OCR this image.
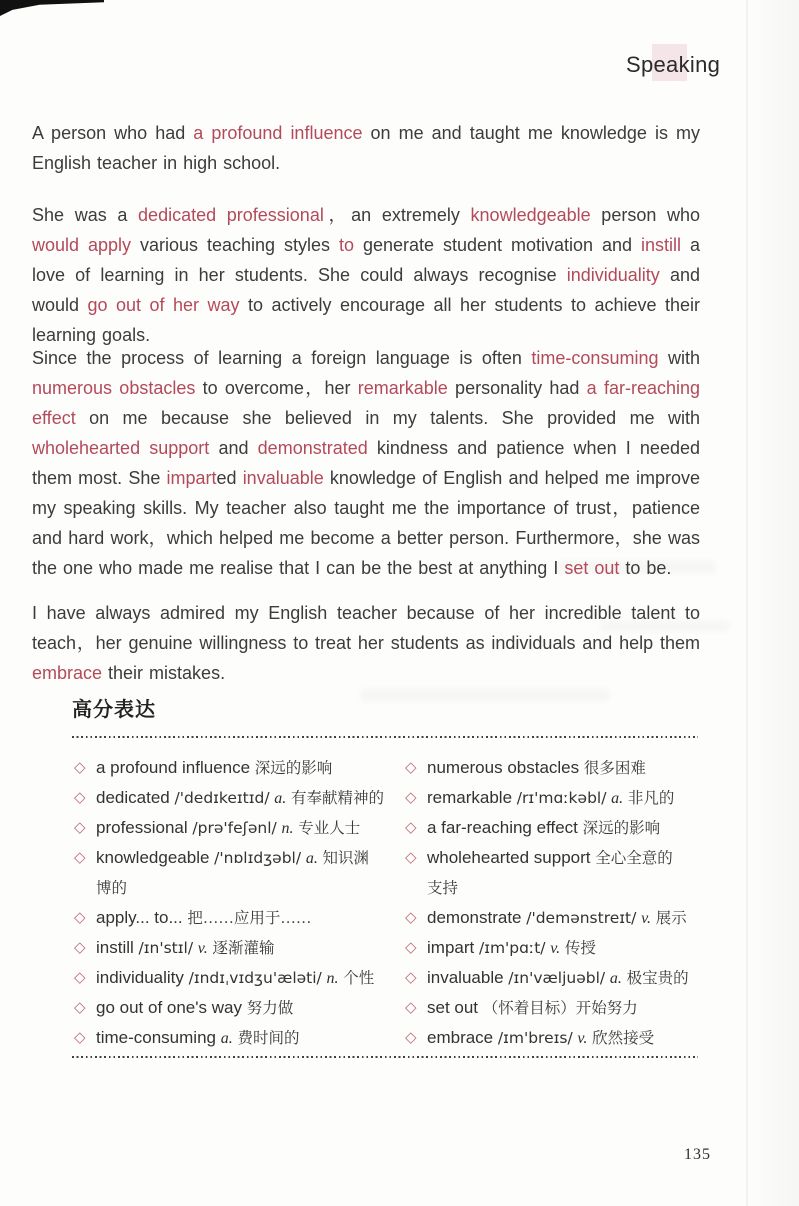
Speaking

A person who had a profound influence on me and taught me knowledge is my English teacher in high school.

She was a dedicated professional，an extremely knowledgeable person who would apply various teaching styles to generate student motivation and instill a love of learning in her students. She could always recognise individuality and would go out of her way to actively encourage all her students to achieve their learning goals.

Since the process of learning a foreign language is often time-consuming with numerous obstacles to overcome，her remarkable personality had a far-reaching effect on me because she believed in my talents. She provided me with wholehearted support and demonstrated kindness and patience when I needed them most. She imparted invaluable knowledge of English and helped me improve my speaking skills. My teacher also taught me the importance of trust，patience and hard work，which helped me become a better person. Furthermore，she was the one who made me realise that I can be the best at anything I set out to be.

I have always admired my English teacher because of her incredible talent to teach，her genuine willingness to treat her students as individuals and help them embrace their mistakes.

高分表达
◇ a profound influence 深远的影响
◇ dedicated /'dedɪkeɪtɪd/ a. 有奉献精神的
◇ professional /prə'feʃənl/ n. 专业人士
◇ knowledgeable /'nɒlɪdʒəbl/ a. 知识渊
博的
◇ apply... to... 把……应用于……
◇ instill /ɪn'stɪl/ v. 逐渐灌输
◇ individuality /ɪndɪˌvɪdʒu'æləti/ n. 个性
◇ go out of one's way 努力做
◇ time-consuming a. 费时间的
◇ numerous obstacles 很多困难
◇ remarkable /rɪ'mɑːkəbl/ a. 非凡的
◇ a far-reaching effect 深远的影响
◇ wholehearted support 全心全意的
支持
◇ demonstrate /'demənstreɪt/ v. 展示
◇ impart /ɪm'pɑːt/ v. 传授
◇ invaluable /ɪn'væljuəbl/ a. 极宝贵的
◇ set out （怀着目标）开始努力
◇ embrace /ɪm'breɪs/ v. 欣然接受
135
